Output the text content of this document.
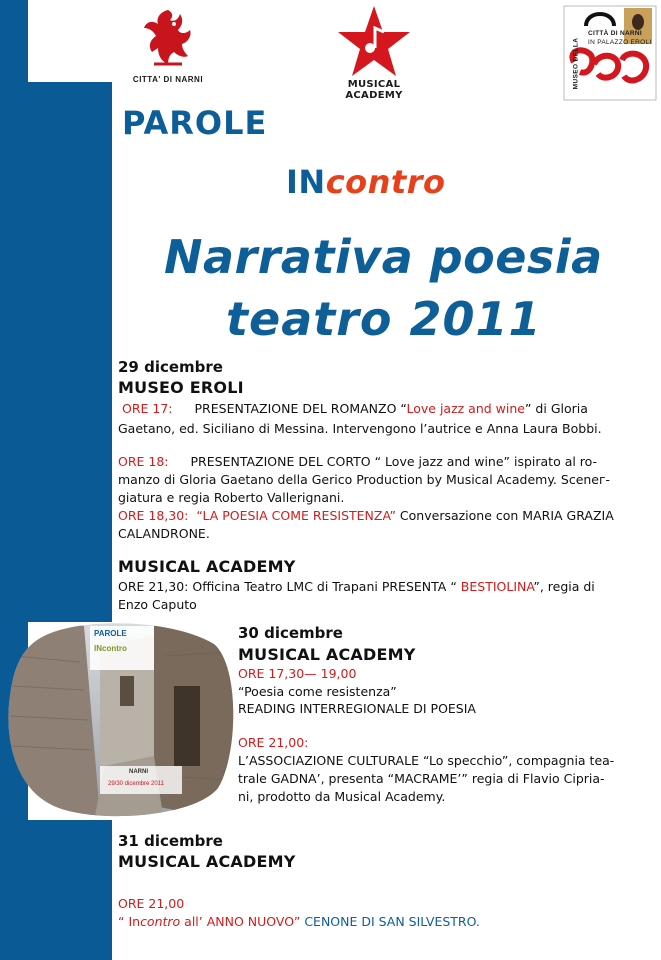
CITTA' DI NARNI	MUSICAL ACADEMY
CITTÀ DI NARNI
IN PALAZZO EROLI
MUSEO DELLA
PAROLE
INcontro
Narrativa poesia
teatro 2011
29 dicembre
MUSEO EROLI
ORE 17: PRESENTAZIONE DEL ROMANZO “Love jazz and wine” di Gloria
Gaetano, ed. Siciliano di Messina. Intervengono l’autrice e Anna Laura Bobbi.
ORE 18: PRESENTAZIONE DEL CORTO “ Love jazz and wine” ispirato al ro-
manzo di Gloria Gaetano della Gerico Production by Musical Academy. Scenег-
giatura e regia Roberto Vallerignani.
ORE 18,30: “LA POESIA COME RESISTENZA” Conversazione con MARIA GRAZIA
CALANDRONE.
MUSICAL ACADEMY
ORE 21,30: Officina Teatro LMC di Trapani PRESENTA “ BESTIOLINA”, regia di
Enzo Caputo
PAROLE
INcontro
NARNI
29/30 dicembre 2011
30 dicembre
MUSICAL ACADEMY
ORE 17,30— 19,00
“Poesia come resistenza”
READING INTERREGIONALE DI POESIA
ORE 21,00:
L’ASSOCIAZIONE CULTURALE “Lo specchio”, compagnia tea-
trale GADNA’, presenta “MACRAME’” regia di Flavio Cipria-
ni, prodotto da Musical Academy.
31 dicembre
MUSICAL ACADEMY
ORE 21,00
“ Incontro all’ ANNO NUOVO” CENONE DI SAN SILVESTRO.
